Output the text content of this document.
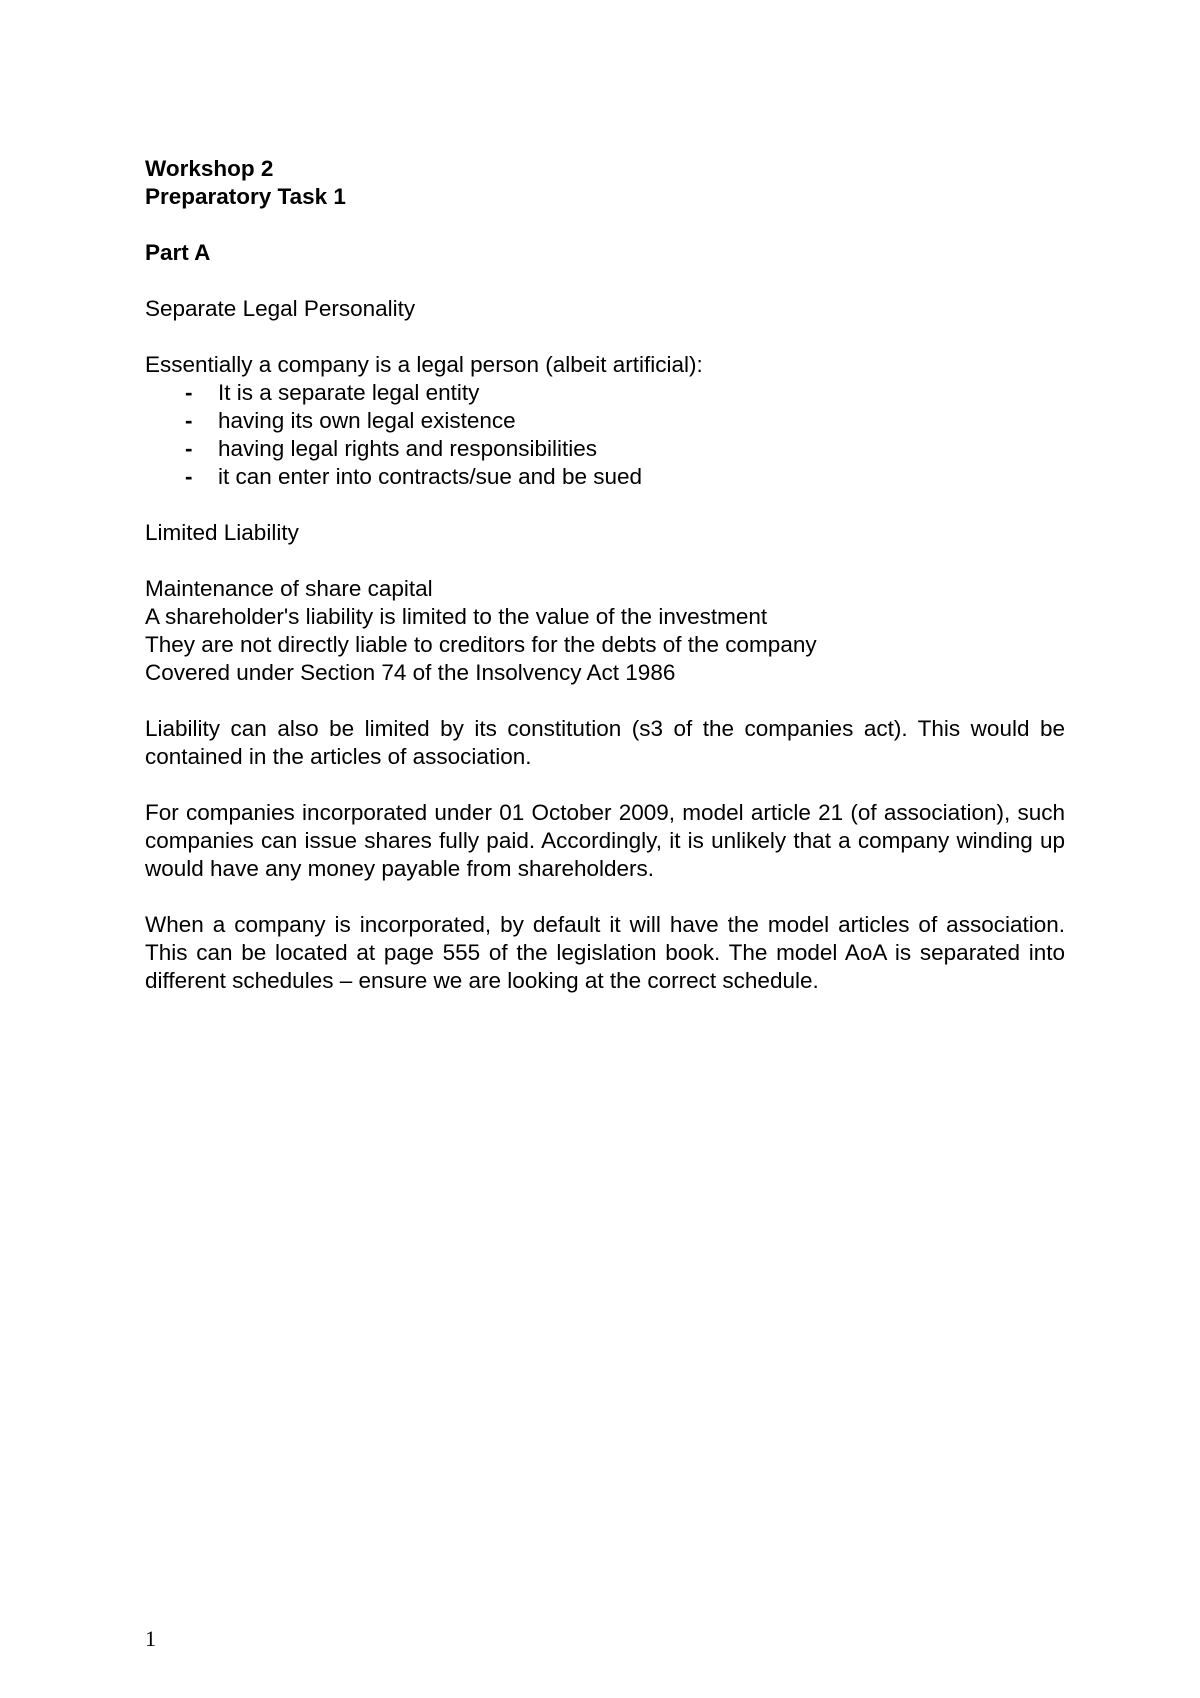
Workshop 2
Preparatory Task 1
Part A
Separate Legal Personality
Essentially a company is a legal person (albeit artificial):
-	It is a separate legal entity
-	having its own legal existence
-	having legal rights and responsibilities
-	it can enter into contracts/sue and be sued
Limited Liability
Maintenance of share capital
A shareholder's liability is limited to the value of the investment
They are not directly liable to creditors for the debts of the company
Covered under Section 74 of the Insolvency Act 1986

Liability can also be limited by its constitution (s3 of the companies act). This would be contained in the articles of association.

For companies incorporated under 01 October 2009, model article 21 (of association), such companies can issue shares fully paid. Accordingly, it is unlikely that a company winding up would have any money payable from shareholders.

When a company is incorporated, by default it will have the model articles of association. This can be located at page 555 of the legislation book. The model AoA is separated into different schedules – ensure we are looking at the correct schedule.

1
